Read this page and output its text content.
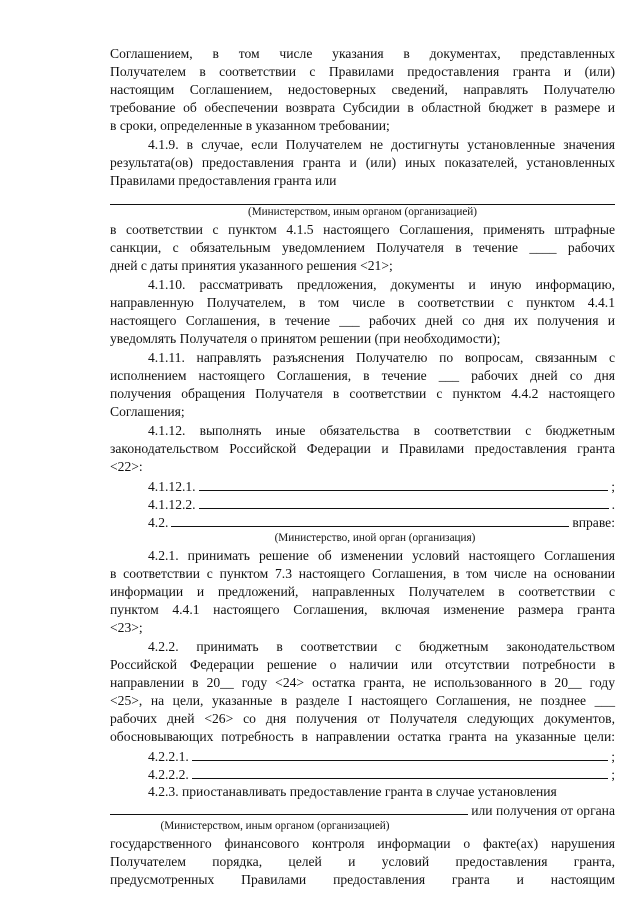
Соглашением, в том числе указания в документах, представленных
Получателем в соответствии с Правилами предоставления гранта и (или)
настоящим Соглашением, недостоверных сведений, направлять Получателю
требование об обеспечении возврата Субсидии в областной бюджет в размере и
в сроки, определенные в указанном требовании;
4.1.9. в случае, если Получателем не достигнуты установленные значения
результата(ов) предоставления гранта и (или) иных показателей, установленных
Правилами предоставления гранта или
(Министерством, иным органом (организацией)
в соответствии с пунктом 4.1.5 настоящего Соглашения, применять штрафные
санкции, с обязательным уведомлением Получателя в течение ____ рабочих
дней с даты принятия указанного решения <21>;
4.1.10. рассматривать предложения, документы и иную информацию,
направленную Получателем, в том числе в соответствии с пунктом 4.4.1
настоящего Соглашения, в течение ___ рабочих дней со дня их получения и
уведомлять Получателя о принятом решении (при необходимости);
4.1.11. направлять разъяснения Получателю по вопросам, связанным с
исполнением настоящего Соглашения, в течение ___ рабочих дней со дня
получения обращения Получателя в соответствии с пунктом 4.4.2 настоящего
Соглашения;
4.1.12. выполнять иные обязательства в соответствии с бюджетным
законодательством Российской Федерации и Правилами предоставления гранта
<22>:
4.1.12.1.	;
4.1.12.2.	.
4.2.	вправе:
(Министерство, иной орган (организация)
4.2.1. принимать решение об изменении условий настоящего Соглашения
в соответствии с пунктом 7.3 настоящего Соглашения, в том числе на основании
информации и предложений, направленных Получателем в соответствии с
пунктом 4.4.1 настоящего Соглашения, включая изменение размера гранта
<23>;
4.2.2. принимать в соответствии с бюджетным законодательством
Российской Федерации решение о наличии или отсутствии потребности в
направлении в 20__ году <24> остатка гранта, не использованного в 20__ году
<25>, на цели, указанные в разделе I настоящего Соглашения, не позднее ___
рабочих дней <26> со дня получения от Получателя следующих документов,
обосновывающих потребность в направлении остатка гранта на указанные цели:
4.2.2.1.	;
4.2.2.2.	;
4.2.3. приостанавливать предоставление гранта в случае установления
или получения от органа
(Министерством, иным органом (организацией)
государственного финансового контроля информации о факте(ах) нарушения
Получателем порядка, целей и условий предоставления гранта,
предусмотренных Правилами предоставления гранта и настоящим
